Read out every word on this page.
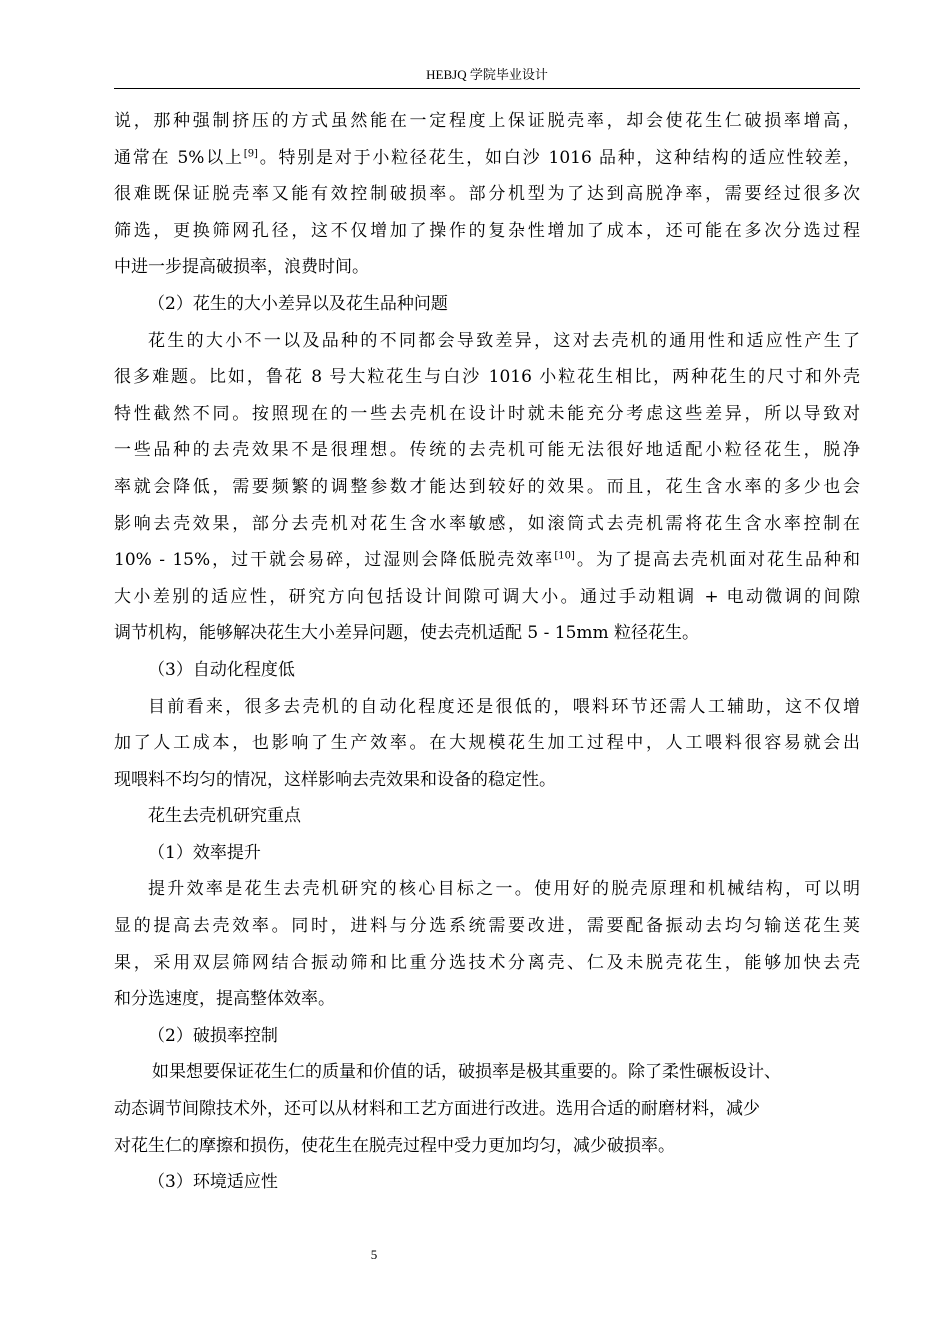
HEBJQ 学院毕业设计
说，那种强制挤压的方式虽然能在一定程度上保证脱壳率，却会使花生仁破损率增高，
通常在 5%以上[9]。特别是对于小粒径花生，如白沙 1016 品种，这种结构的适应性较差，
很难既保证脱壳率又能有效控制破损率。部分机型为了达到高脱净率，需要经过很多次
筛选，更换筛网孔径，这不仅增加了操作的复杂性增加了成本，还可能在多次分选过程
中进一步提高破损率，浪费时间。
（2）花生的大小差异以及花生品种问题
花生的大小不一以及品种的不同都会导致差异，这对去壳机的通用性和适应性产生了
很多难题。比如，鲁花 8 号大粒花生与白沙 1016 小粒花生相比，两种花生的尺寸和外壳
特性截然不同。按照现在的一些去壳机在设计时就未能充分考虑这些差异，所以导致对
一些品种的去壳效果不是很理想。传统的去壳机可能无法很好地适配小粒径花生，脱净
率就会降低，需要频繁的调整参数才能达到较好的效果。而且，花生含水率的多少也会
影响去壳效果，部分去壳机对花生含水率敏感，如滚筒式去壳机需将花生含水率控制在
10% - 15%，过干就会易碎，过湿则会降低脱壳效率[10]。为了提高去壳机面对花生品种和
大小差别的适应性，研究方向包括设计间隙可调大小。通过手动粗调 + 电动微调的间隙
调节机构，能够解决花生大小差异问题，使去壳机适配 5 - 15mm 粒径花生。
（3）自动化程度低
目前看来，很多去壳机的自动化程度还是很低的，喂料环节还需人工辅助，这不仅增
加了人工成本，也影响了生产效率。在大规模花生加工过程中，人工喂料很容易就会出
现喂料不均匀的情况，这样影响去壳效果和设备的稳定性。
花生去壳机研究重点
（1）效率提升
提升效率是花生去壳机研究的核心目标之一。使用好的脱壳原理和机械结构，可以明
显的提高去壳效率。同时，进料与分选系统需要改进，需要配备振动去均匀输送花生荚
果，采用双层筛网结合振动筛和比重分选技术分离壳、仁及未脱壳花生，能够加快去壳
和分选速度，提高整体效率。
（2）破损率控制
如果想要保证花生仁的质量和价值的话，破损率是极其重要的。除了柔性碾板设计、
动态调节间隙技术外，还可以从材料和工艺方面进行改进。选用合适的耐磨材料，减少
对花生仁的摩擦和损伤，使花生在脱壳过程中受力更加均匀，减少破损率。
（3）环境适应性
5
